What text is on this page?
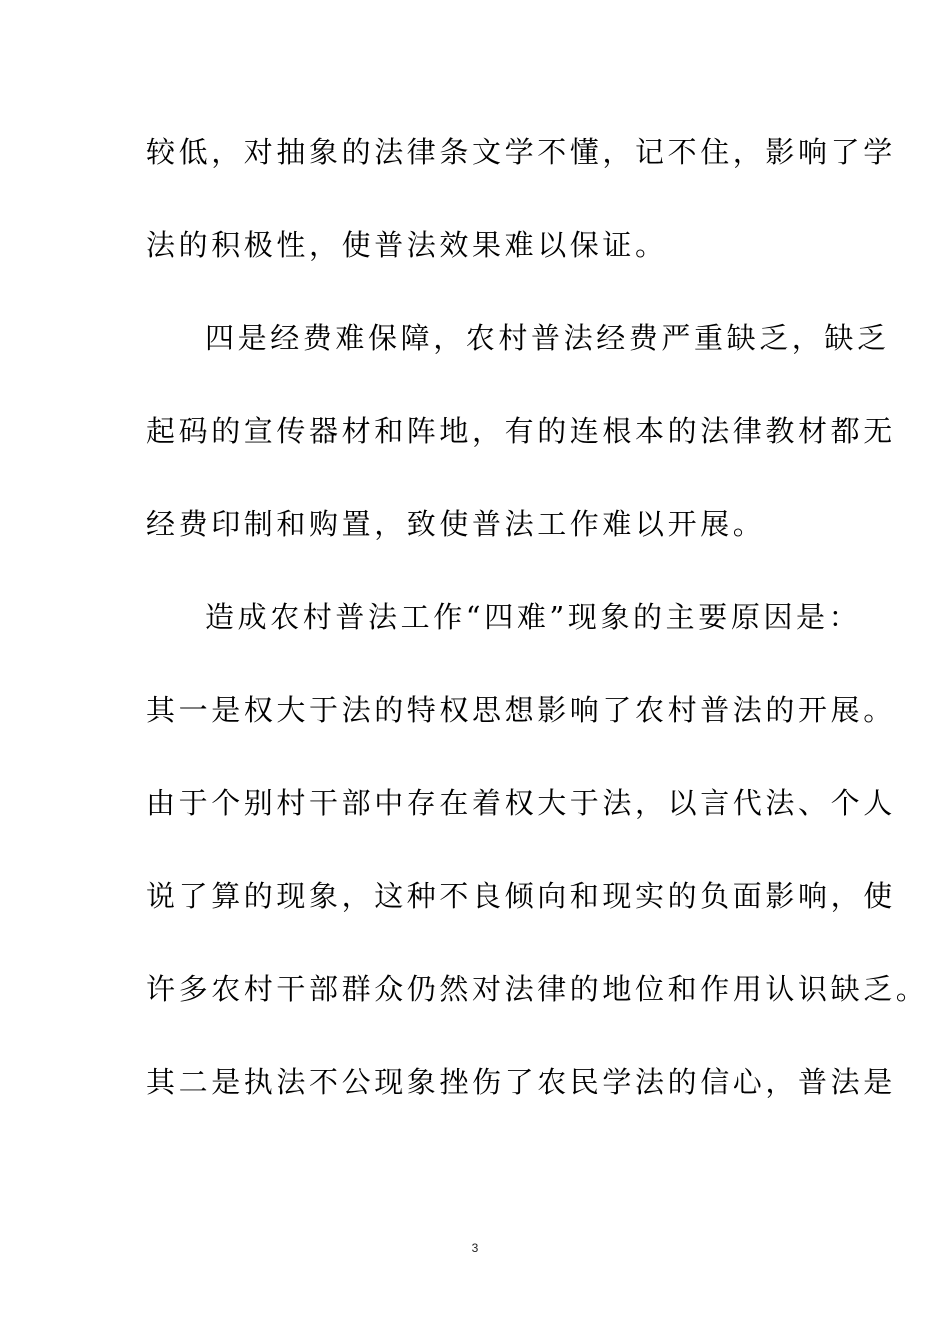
较低，对抽象的法律条文学不懂，记不住，影响了学
法的积极性，使普法效果难以保证。
四是经费难保障，农村普法经费严重缺乏，缺乏
起码的宣传器材和阵地，有的连根本的法律教材都无
经费印制和购置，致使普法工作难以开展。
造成农村普法工作“四难”现象的主要原因是：
其一是权大于法的特权思想影响了农村普法的开展。
由于个别村干部中存在着权大于法，以言代法、个人
说了算的现象，这种不良倾向和现实的负面影响，使
许多农村干部群众仍然对法律的地位和作用认识缺乏。
其二是执法不公现象挫伤了农民学法的信心，普法是
3
